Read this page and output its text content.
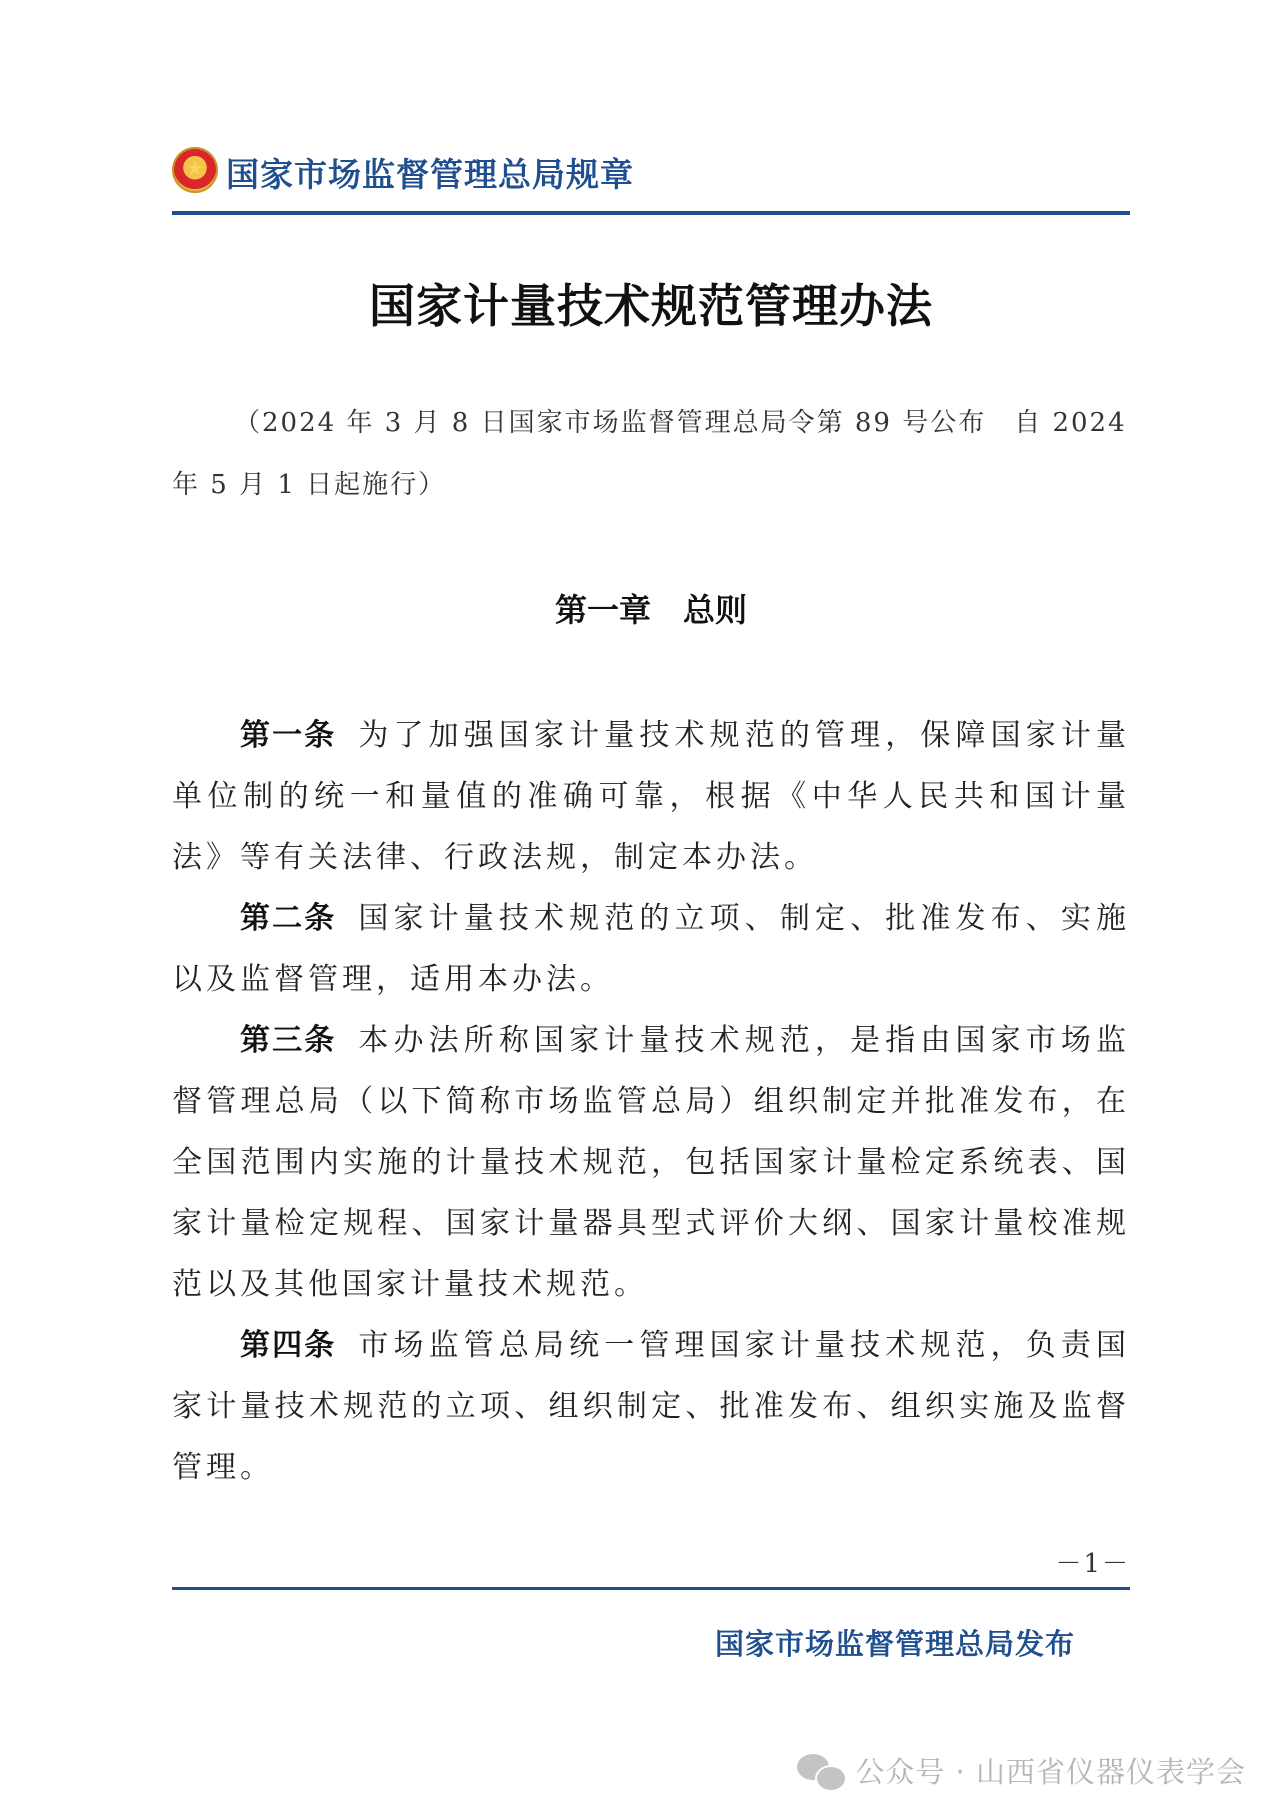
★
国家市场监督管理总局规章
国家计量技术规范管理办法
（2024 年 3 月 8 日国家市场监督管理总局令第 89 号公布　自 2024 年 5 月 1 日起施行）
第一章　总则

第一条 为了加强国家计量技术规范的管理，保障国家计量单位制的统一和量值的准确可靠，根据《中华人民共和国计量法》等有关法律、行政法规，制定本办法。

第二条 国家计量技术规范的立项、制定、批准发布、实施以及监督管理，适用本办法。

第三条 本办法所称国家计量技术规范，是指由国家市场监督管理总局（以下简称市场监管总局）组织制定并批准发布，在全国范围内实施的计量技术规范，包括国家计量检定系统表、国家计量检定规程、国家计量器具型式评价大纲、国家计量校准规范以及其他国家计量技术规范。

第四条 市场监管总局统一管理国家计量技术规范，负责国家计量技术规范的立项、组织制定、批准发布、组织实施及监督管理。

－1－
国家市场监督管理总局发布
公众号 · 山西省仪器仪表学会
